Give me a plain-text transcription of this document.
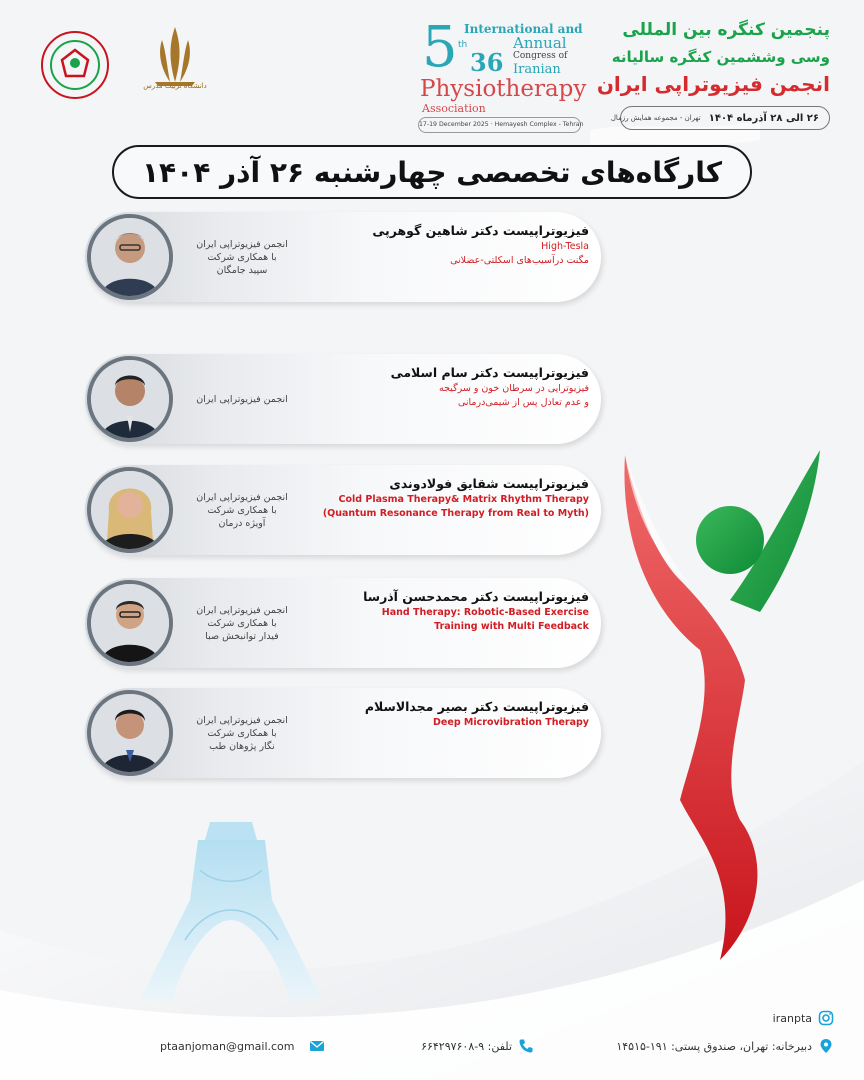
دانشگاه تربیت مدرس
5 International and
th
36
Annual
Congress of
Iranian
Physiotherapy
Association
17-19 December 2025 · Hemayesh Complex - Tehran
پنجمین کنگره بین المللی
وسی وششمین کنگره سالیانه
انجمن فیزیوتراپی ایران
۲۶ الی ۲۸ آذرماه ۱۴۰۴
تهران - مجموعه همایش رزمال
کارگاه‌های تخصصی چهارشنبه ۲۶ آذر ۱۴۰۴
انجمن فیزیوتراپی ایران
با همکاری شرکت
سپید جامگان
فیزیوتراپیست دکتر شاهین گوهرپی
High-Tesla
مگنت درآسیب‌های اسکلتی-عضلانی
انجمن فیزیوتراپی ایران
فیزیوتراپیست دکتر سام اسلامی
فیزیوتراپی در سرطان خون و سرگیجه
و عدم تعادل پس از شیمی‌درمانی
انجمن فیزیوتراپی ایران
با همکاری شرکت
آویژه درمان
فیزیوتراپیست شقایق فولادوندی
Cold Plasma Therapy& Matrix Rhythm Therapy
(Quantum Resonance Therapy from Real to Myth)
انجمن فیزیوتراپی ایران
با همکاری شرکت
فیدار توانبخش صبا
فیزیوتراپیست دکتر محمدحسن آذرسا
Hand Therapy: Robotic-Based Exercise
Training with Multi Feedback
انجمن فیزیوتراپی ایران
با همکاری شرکت
نگار پژوهان طب
فیزیوتراپیست دکتر بصیر مجدالاسلام
Deep Microvibration Therapy
iranpta
دبیرخانه: تهران، صندوق پستی: ۱۹۱-۱۴۵۱۵
تلفن: ۹-۶۶۴۲۹۷۶۰۸
ptaanjoman@gmail.com
